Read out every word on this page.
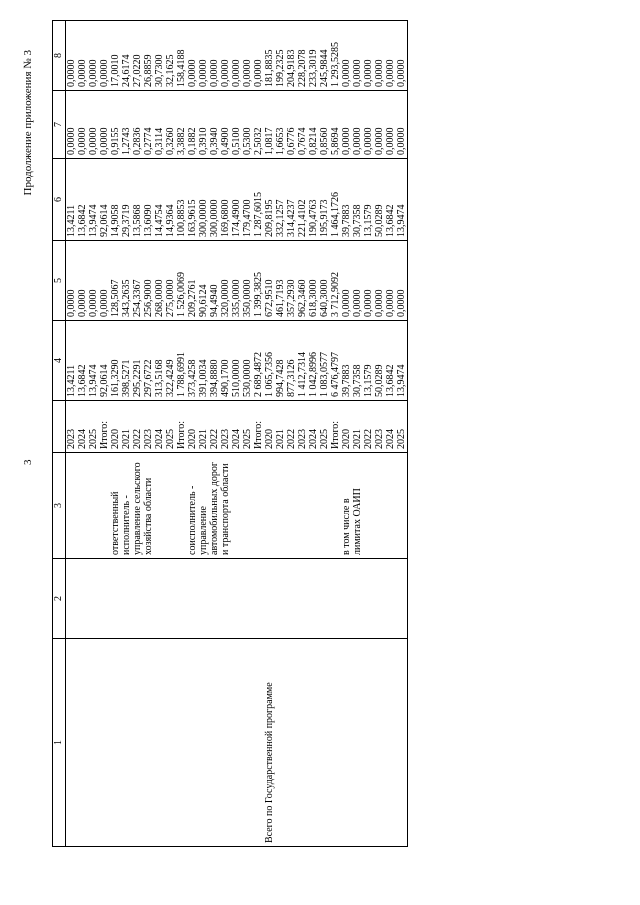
3
Продолжение приложения № 3
1	2	3		4	5	6	7	8
			2023	13,4211	0,0000	13,4211	0,0000	0,0000
			2024	13,6842	0,0000	13,6842	0,0000	0,0000
			2025	13,9474	0,0000	13,9474	0,0000	0,0000
			Итого:	92,0614	0,0000	92,0614	0,0000	0,0000
		ответственный	2020	161,3290	128,5067	14,9058	0,9155	17,0010
		исполнитель -	2021	398,5271	343,2635	29,3719	1,2743	24,6174
		управление сельского	2022	295,2291	254,3367	13,5868	0,2836	27,0220
		хозяйства области	2023	297,6722	256,9000	13,6090	0,2774	26,8859
			2024	313,5168	268,0000	14,4754	0,3114	30,7300
			2025	322,4249	275,0000	14,9364	0,3260	32,1625
			Итого:	1 788,6991	1 526,0069	100,8853	3,3882	158,4188
		соисполнитель -	2020	373,4258	209,2761	163,9615	0,1882	0,0000
		управление	2021	391,0034	90,6124	300,0000	0,3910	0,0000
		автомобильных дорог	2022	394,8880	94,4940	300,0000	0,3940	0,0000
		и транспорта области	2023	490,1700	320,0000	169,6800	0,4900	0,0000
			2024	510,0000	335,0000	174,4900	0,5100	0,0000
			2025	530,0000	350,0000	179,4700	0,5300	0,0000
			Итого:	2 689,4872	1 399,3825	1 287,6015	2,5032	0,0000
Всего по Государственной программе			2020	1 065,7356	672,9510	209,8195	1,0817	181,8835
			2021	994,7428	461,7193	332,1257	1,6653	199,2325
			2022	877,3126	357,2930	314,4237	0,6776	204,9183
			2023	1 412,7314	962,3460	221,4102	0,7674	228,2078
			2024	1 042,8996	618,3000	190,4763	0,8214	233,3019
			2025	1 083,0577	640,3000	195,9173	0,8560	245,9844
			Итого:	6 476,4797	3 712,9092	1 464,1726	5,8694	1 293,5285
		в том числе в	2020	39,7883	0,0000	39,7883	0,0000	0,0000
		лимитах ОАИП	2021	30,7358	0,0000	30,7358	0,0000	0,0000
			2022	13,1579	0,0000	13,1579	0,0000	0,0000
			2023	50,0289	0,0000	50,0289	0,0000	0,0000
			2024	13,6842	0,0000	13,6842	0,0000	0,0000
			2025	13,9474	0,0000	13,9474	0,0000	0,0000
